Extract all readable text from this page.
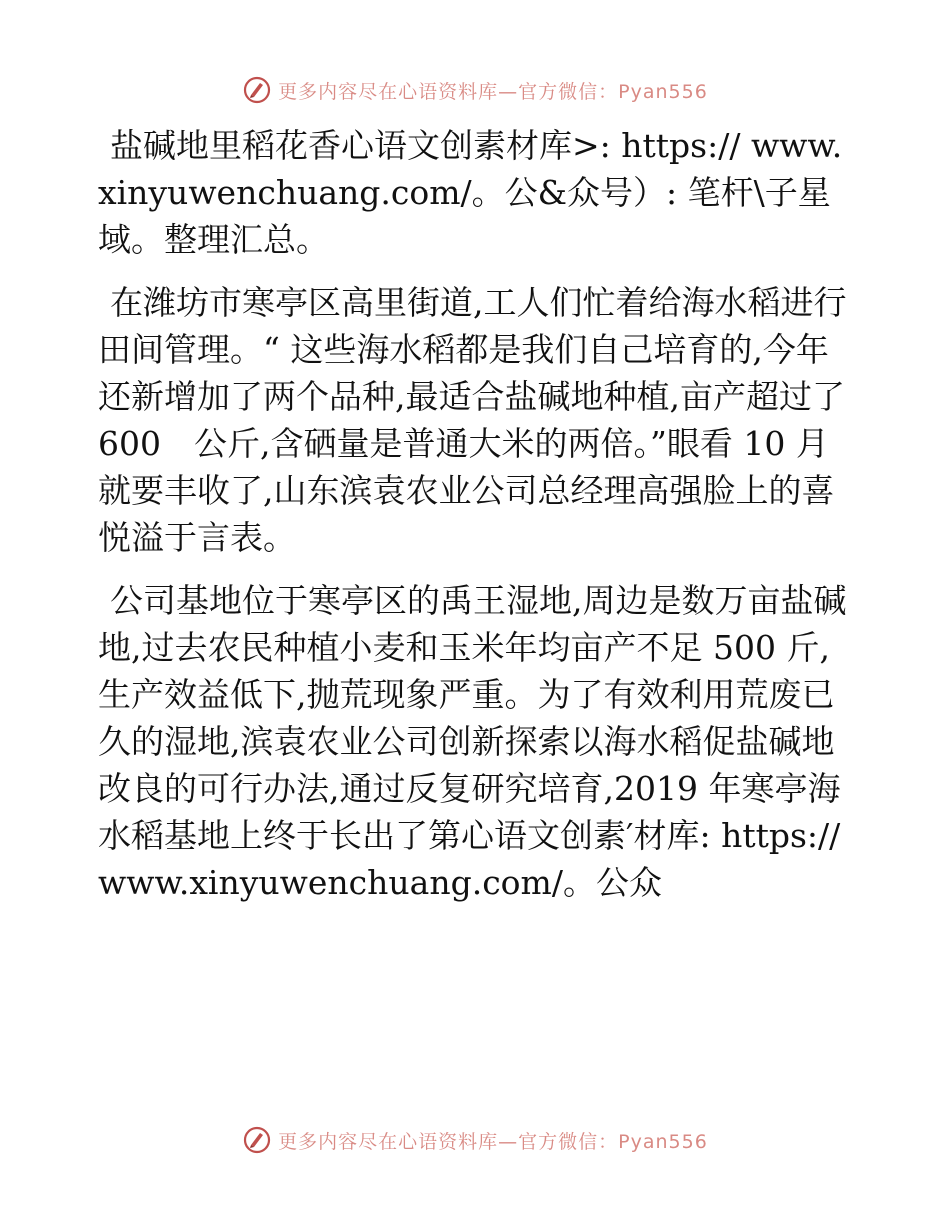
更多内容尽在心语资料库—官方微信：Pyan556

盐碱地里稻花香心语文创素材库>: https:// www.xinyuwenchuang.com/。公&众号）: 笔杆\子星域。整理汇总。

在潍坊市寒亭区高里街道,工人们忙着给海水稻进行田间管理。“ 这些海水稻都是我们自己培育的,今年还新增加了两个品种,最适合盐碱地种植,亩产超过了 600　公斤,含硒量是普通大米的两倍。”眼看 10 月就要丰收了,山东滨袁农业公司总经理高强脸上的喜悦溢于言表。

公司基地位于寒亭区的禹王湿地,周边是数万亩盐碱地,过去农民种植小麦和玉米年均亩产不足 500 斤,生产效益低下,抛荒现象严重。为了有效利用荒废已久的湿地,滨袁农业公司创新探索以海水稻促盐碱地改良的可行办法,通过反复研究培育,2019 年寒亭海水稻基地上终于长出了第心语文创素′材库: https://www.xinyuwenchuang.com/。公众

更多内容尽在心语资料库—官方微信：Pyan556
